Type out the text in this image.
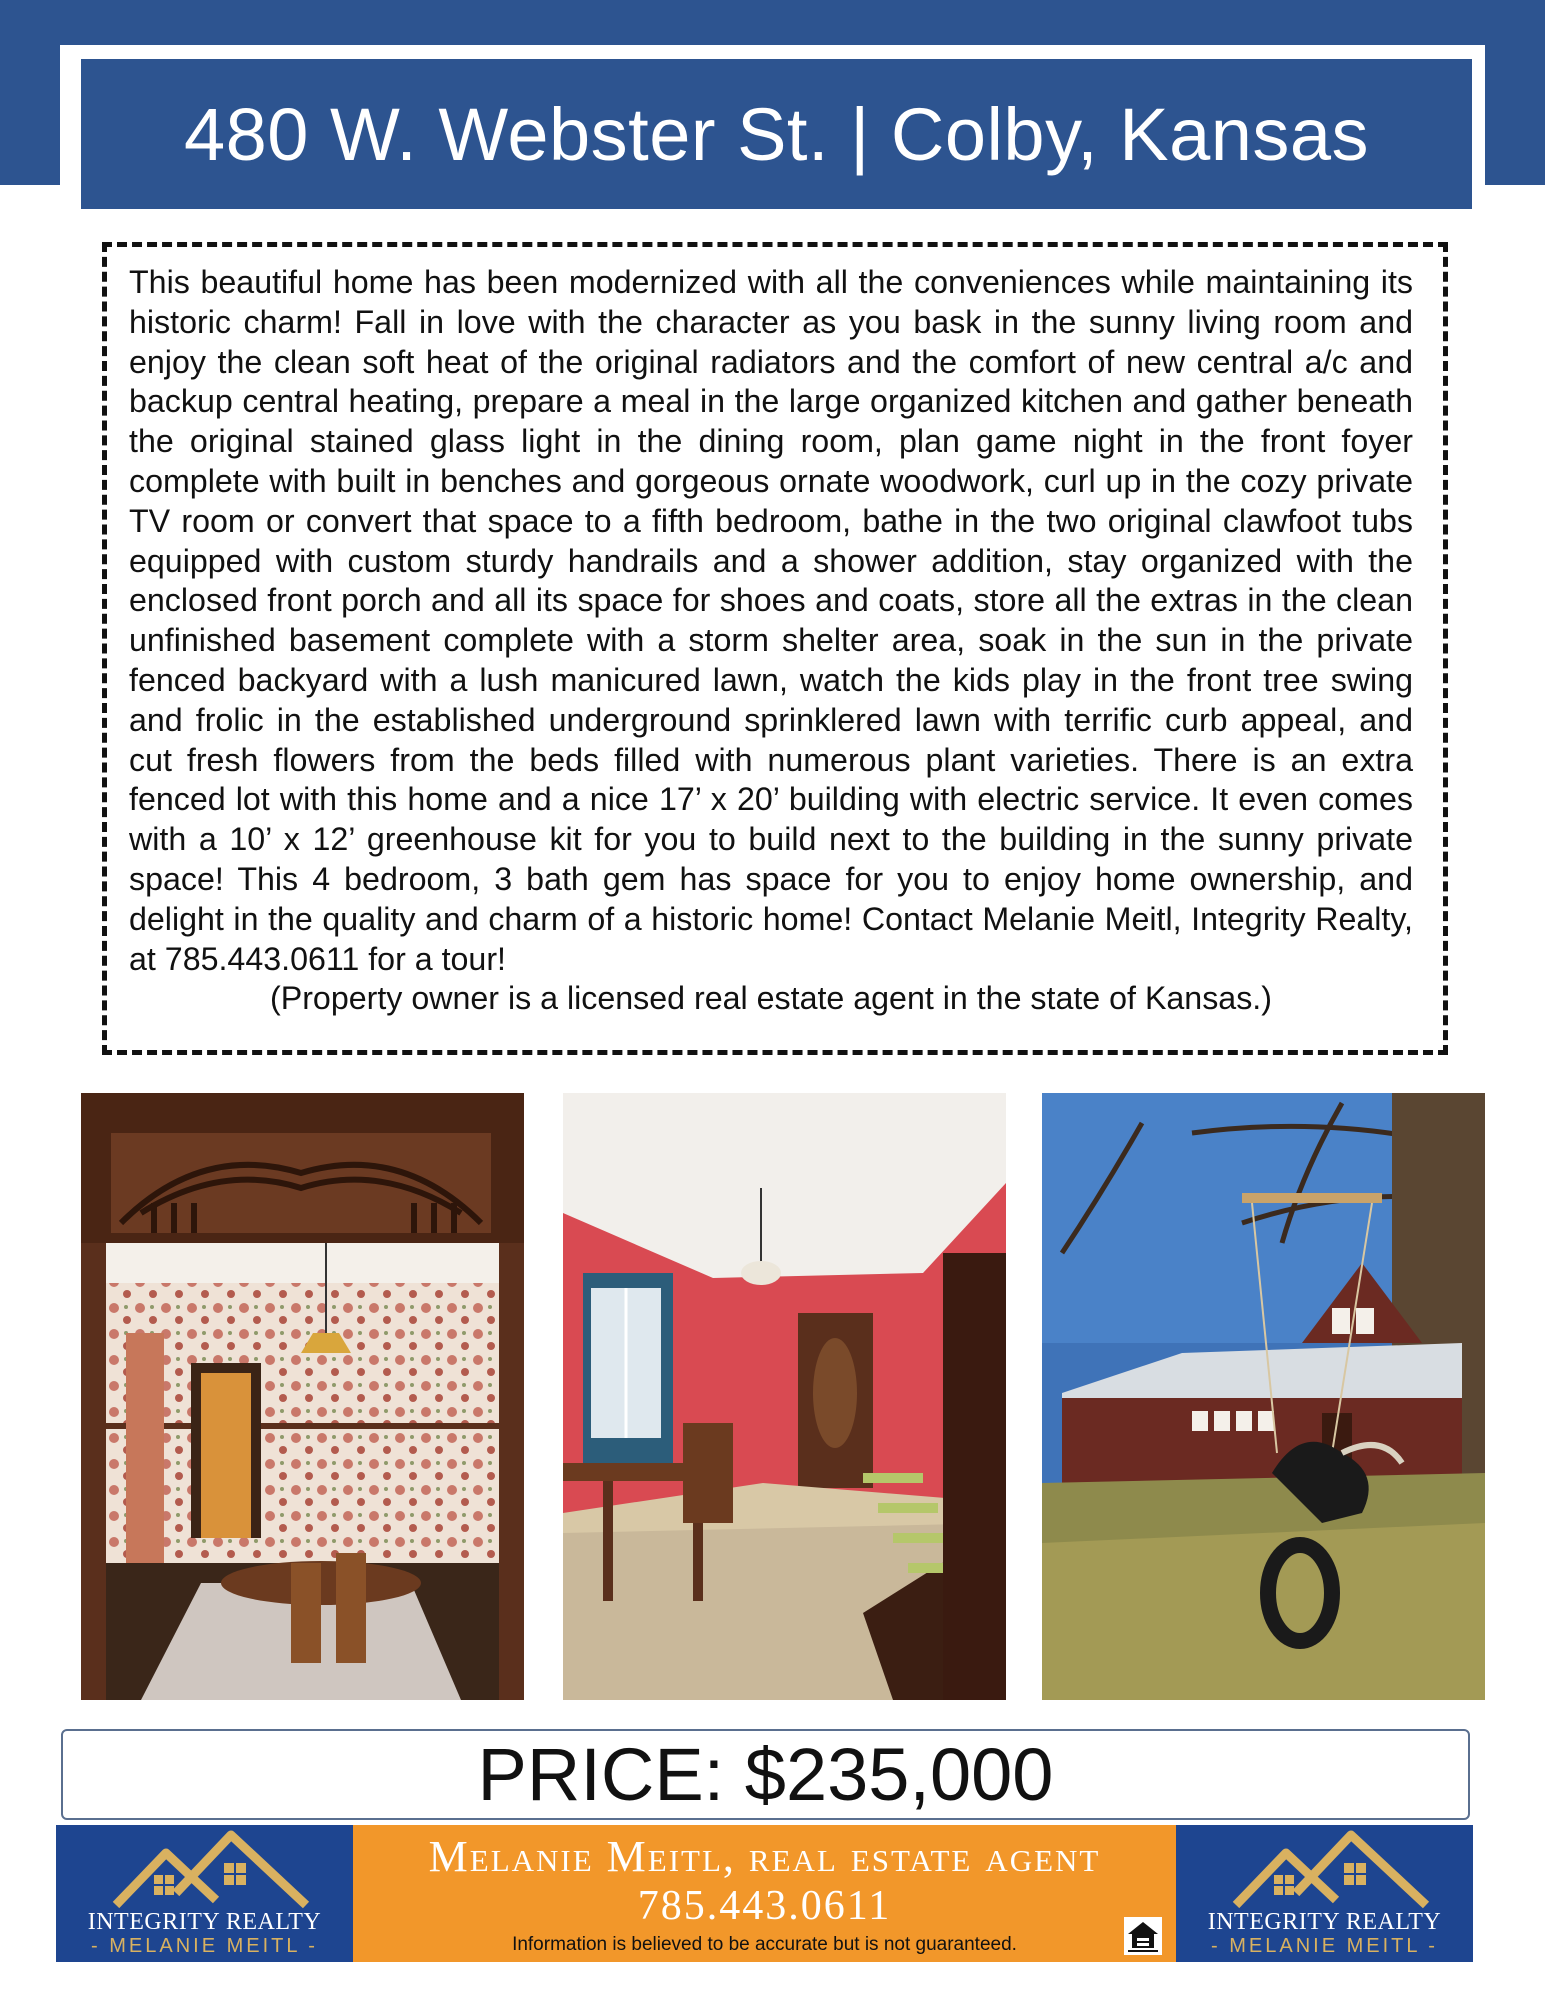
480 W. Webster St. | Colby, Kansas

This beautiful home has been modernized with all the conveniences while maintaining its historic charm! Fall in love with the character as you bask in the sunny living room and enjoy the clean soft heat of the original radiators and the comfort of new central a/c and backup central heating, prepare a meal in the large organized kitchen and gather beneath the original stained glass light in the dining room, plan game night in the front foyer complete with built in benches and gorgeous ornate woodwork, curl up in the cozy private TV room or convert that space to a fifth bedroom, bathe in the two original clawfoot tubs equipped with custom sturdy handrails and a shower addition, stay organized with the enclosed front porch and all its space for shoes and coats, store all the extras in the clean unfinished basement complete with a storm shelter area, soak in the sun in the private fenced backyard with a lush manicured lawn, watch the kids play in the front tree swing and frolic in the established underground sprinklered lawn with terrific curb appeal, and cut fresh flowers from the beds filled with numerous plant varieties. There is an extra fenced lot with this home and a nice 17’ x 20’ building with electric service. It even comes with a 10’ x 12’ greenhouse kit for you to build next to the building in the sunny private space! This 4 bedroom, 3 bath gem has space for you to enjoy home ownership, and delight in the quality and charm of a historic home! Contact Melanie Meitl, Integrity Realty, at 785.443.0611 for a tour!

(Property owner is a licensed real estate agent in the state of Kansas.)

PRICE: $235,000
INTEGRITY REALTY
- MELANIE MEITL -

Melanie Meitl, real estate agent

785.443.0611

Information is believed to be accurate but is not guaranteed.
INTEGRITY REALTY
- MELANIE MEITL -
